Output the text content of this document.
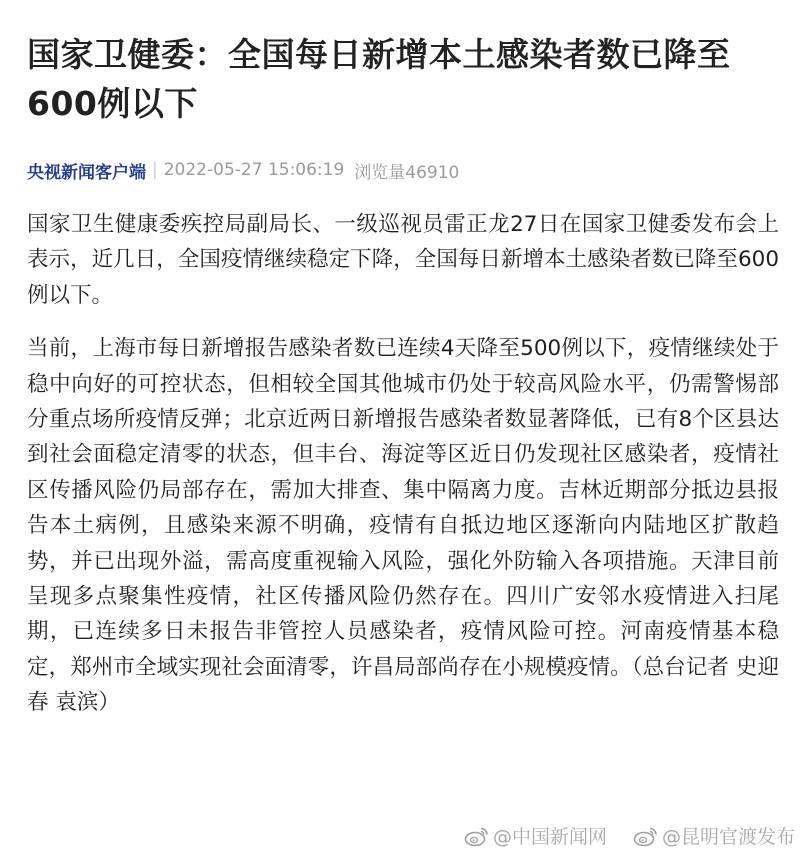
国家卫健委：全国每日新增本土感染者数已降至600例以下
央视新闻客户端 | 2022-05-27 15:06:19 浏览量46910

国家卫生健康委疾控局副局长、一级巡视员雷正龙27日在国家卫健委发布会上表示，近几日，全国疫情继续稳定下降，全国每日新增本土感染者数已降至600例以下。

当前，上海市每日新增报告感染者数已连续4天降至500例以下，疫情继续处于稳中向好的可控状态，但相较全国其他城市仍处于较高风险水平，仍需警惕部分重点场所疫情反弹；北京近两日新增报告感染者数显著降低，已有8个区县达到社会面稳定清零的状态，但丰台、海淀等区近日仍发现社区感染者，疫情社区传播风险仍局部存在，需加大排查、集中隔离力度。吉林近期部分抵边县报告本土病例，且感染来源不明确，疫情有自抵边地区逐渐向内陆地区扩散趋势，并已出现外溢，需高度重视输入风险，强化外防输入各项措施。天津目前呈现多点聚集性疫情，社区传播风险仍然存在。四川广安邻水疫情进入扫尾期，已连续多日未报告非管控人员感染者，疫情风险可控。河南疫情基本稳定，郑州市全域实现社会面清零，许昌局部尚存在小规模疫情。（总台记者 史迎春 袁滨）

@中国新闻网	@昆明官渡发布
